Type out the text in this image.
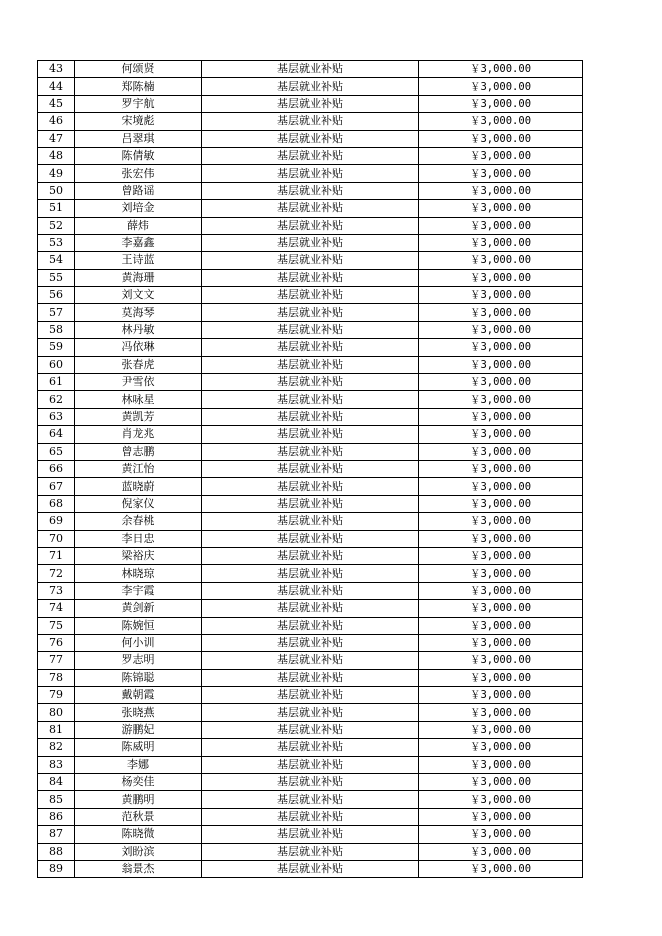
43	何颂贤	基层就业补贴	￥3,000.00
44	郑陈楠	基层就业补贴	￥3,000.00
45	罗宇航	基层就业补贴	￥3,000.00
46	宋境彪	基层就业补贴	￥3,000.00
47	吕翠琪	基层就业补贴	￥3,000.00
48	陈倩敏	基层就业补贴	￥3,000.00
49	张宏伟	基层就业补贴	￥3,000.00
50	曾路谣	基层就业补贴	￥3,000.00
51	刘培金	基层就业补贴	￥3,000.00
52	薛炜	基层就业补贴	￥3,000.00
53	李嘉鑫	基层就业补贴	￥3,000.00
54	王诗蓝	基层就业补贴	￥3,000.00
55	黄海珊	基层就业补贴	￥3,000.00
56	刘文文	基层就业补贴	￥3,000.00
57	莫海琴	基层就业补贴	￥3,000.00
58	林丹敏	基层就业补贴	￥3,000.00
59	冯依琳	基层就业补贴	￥3,000.00
60	张春虎	基层就业补贴	￥3,000.00
61	尹雪依	基层就业补贴	￥3,000.00
62	林咏星	基层就业补贴	￥3,000.00
63	黄凯芳	基层就业补贴	￥3,000.00
64	肖龙兆	基层就业补贴	￥3,000.00
65	曾志鹏	基层就业补贴	￥3,000.00
66	黄江怡	基层就业补贴	￥3,000.00
67	蓝晓蔚	基层就业补贴	￥3,000.00
68	倪家仪	基层就业补贴	￥3,000.00
69	余春桃	基层就业补贴	￥3,000.00
70	李日忠	基层就业补贴	￥3,000.00
71	梁裕庆	基层就业补贴	￥3,000.00
72	林晓琼	基层就业补贴	￥3,000.00
73	李宇霞	基层就业补贴	￥3,000.00
74	黄剑新	基层就业补贴	￥3,000.00
75	陈婉恒	基层就业补贴	￥3,000.00
76	何小训	基层就业补贴	￥3,000.00
77	罗志明	基层就业补贴	￥3,000.00
78	陈锦聪	基层就业补贴	￥3,000.00
79	戴朝霞	基层就业补贴	￥3,000.00
80	张晓燕	基层就业补贴	￥3,000.00
81	游鹏妃	基层就业补贴	￥3,000.00
82	陈威明	基层就业补贴	￥3,000.00
83	李娜	基层就业补贴	￥3,000.00
84	杨奕佳	基层就业补贴	￥3,000.00
85	黄鹏明	基层就业补贴	￥3,000.00
86	范秋景	基层就业补贴	￥3,000.00
87	陈晓微	基层就业补贴	￥3,000.00
88	刘盼滨	基层就业补贴	￥3,000.00
89	翁景杰	基层就业补贴	￥3,000.00
